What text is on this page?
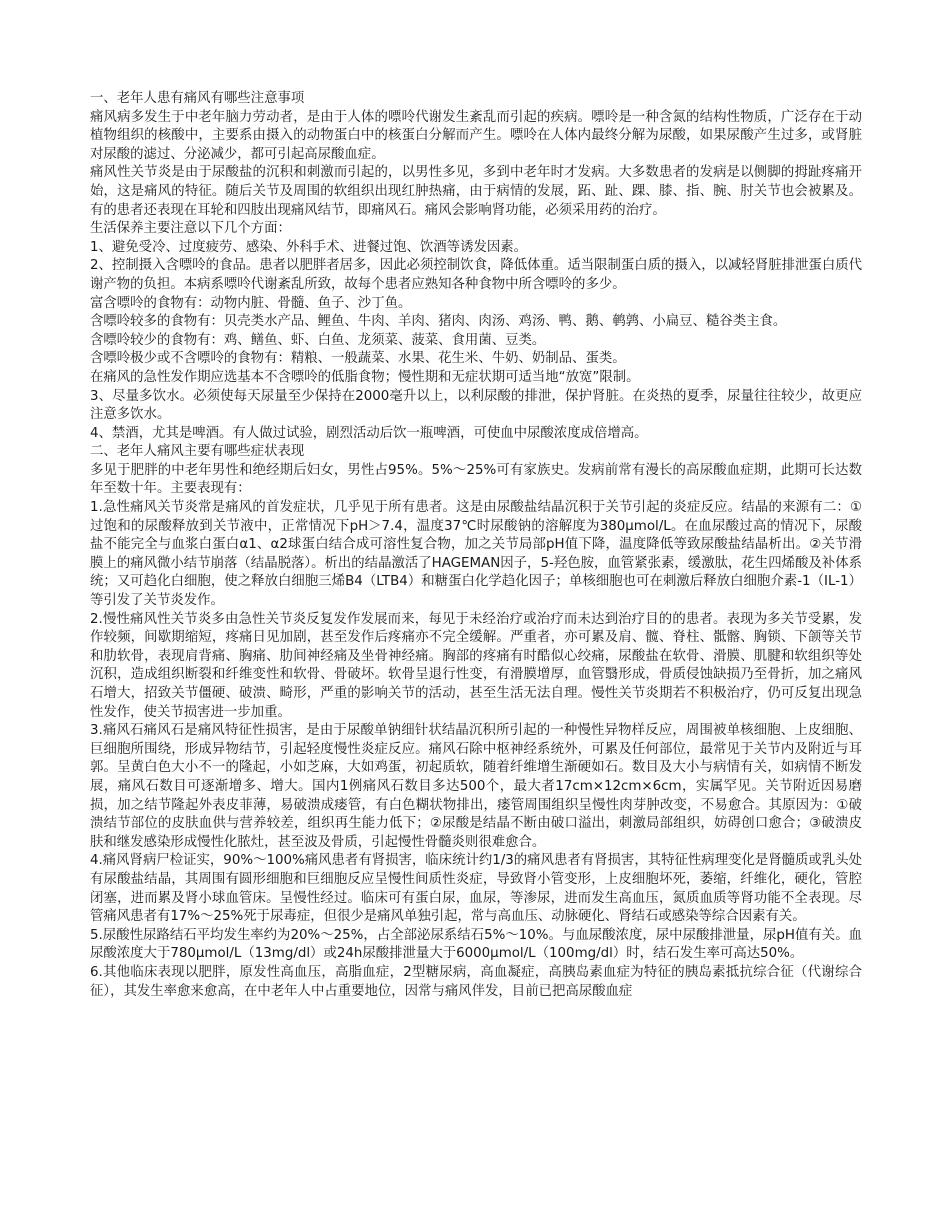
一、老年人患有痛风有哪些注意事项

痛风病多发生于中老年脑力劳动者，是由于人体的嘌呤代谢发生紊乱而引起的疾病。嘌呤是一种含氮的结构性物质，广泛存在于动植物组织的核酸中，主要系由摄入的动物蛋白中的核蛋白分解而产生。嘌呤在人体内最终分解为尿酸，如果尿酸产生过多，或肾脏对尿酸的滤过、分泌减少，都可引起高尿酸血症。

痛风性关节炎是由于尿酸盐的沉积和刺激而引起的，以男性多见，多到中老年时才发病。大多数患者的发病是以侧脚的拇趾疼痛开始，这是痛风的特征。随后关节及周围的软组织出现红肿热痛，由于病情的发展，跖、趾、踝、膝、指、腕、肘关节也会被累及。有的患者还表现在耳轮和四肢出现痛风结节，即痛风石。痛风会影响肾功能，必须采用药的治疗。

生活保养主要注意以下几个方面：

1、避免受冷、过度疲劳、感染、外科手术、进餐过饱、饮酒等诱发因素。

2、控制摄入含嘌呤的食品。患者以肥胖者居多，因此必须控制饮食，降低体重。适当限制蛋白质的摄入，以减轻肾脏排泄蛋白质代谢产物的负担。本病系嘌呤代谢紊乱所致，故每个患者应熟知各种食物中所含嘌呤的多少。

富含嘌呤的食物有：动物内脏、骨髓、鱼子、沙丁鱼。

含嘌呤较多的食物有：贝壳类水产品、鲤鱼、牛肉、羊肉、猪肉、肉汤、鸡汤、鸭、鹅、鹌鹑、小扁豆、糙谷类主食。

含嘌呤较少的食物有：鸡、鳝鱼、虾、白鱼、龙须菜、菠菜、食用菌、豆类。

含嘌呤极少或不含嘌呤的食物有：精粮、一般蔬菜、水果、花生米、牛奶、奶制品、蛋类。

在痛风的急性发作期应选基本不含嘌呤的低脂食物；慢性期和无症状期可适当地“放宽”限制。

3、尽量多饮水。必须使每天尿量至少保持在2000毫升以上，以利尿酸的排泄，保护肾脏。在炎热的夏季，尿量往往较少，故更应注意多饮水。

4、禁酒，尤其是啤酒。有人做过试验，剧烈活动后饮一瓶啤酒，可使血中尿酸浓度成倍增高。

二、老年人痛风主要有哪些症状表现

多见于肥胖的中老年男性和绝经期后妇女，男性占95%。5%～25%可有家族史。发病前常有漫长的高尿酸血症期，此期可长达数年至数十年。主要表现有：

1.急性痛风关节炎常是痛风的首发症状，几乎见于所有患者。这是由尿酸盐结晶沉积于关节引起的炎症反应。结晶的来源有二：①过饱和的尿酸释放到关节液中，正常情况下pH＞7.4，温度37℃时尿酸钠的溶解度为380μmol/L。在血尿酸过高的情况下，尿酸盐不能完全与血浆白蛋白α1、α2球蛋白结合成可溶性复合物，加之关节局部pH值下降，温度降低等致尿酸盐结晶析出。②关节滑膜上的痛风微小结节崩落（结晶脱落）。析出的结晶激活了HAGEMAN因子，5-羟色胺，血管紧张素，缓激肽，花生四烯酸及补体系统；又可趋化白细胞，使之释放白细胞三烯B4（LTB4）和糖蛋白化学趋化因子；单核细胞也可在刺激后释放白细胞介素-1（IL-1）等引发了关节炎发作。

2.慢性痛风性关节炎多由急性关节炎反复发作发展而来，每见于未经治疗或治疗而未达到治疗目的的患者。表现为多关节受累，发作较频，间歇期缩短，疼痛日见加剧，甚至发作后疼痛亦不完全缓解。严重者，亦可累及肩、髋、脊柱、骶髂、胸锁、下颌等关节和肋软骨，表现肩背痛、胸痛、肋间神经痛及坐骨神经痛。胸部的疼痛有时酷似心绞痛，尿酸盐在软骨、滑膜、肌腱和软组织等处沉积，造成组织断裂和纤维变性和软骨、骨破坏。软骨呈退行性变，有滑膜增厚，血管翳形成，骨质侵蚀缺损乃至骨折，加之痛风石增大，招致关节僵硬、破溃、畸形，严重的影响关节的活动，甚至生活无法自理。慢性关节炎期若不积极治疗，仍可反复出现急性发作，使关节损害进一步加重。

3.痛风石痛风石是痛风特征性损害，是由于尿酸单钠细针状结晶沉积所引起的一种慢性异物样反应，周围被单核细胞、上皮细胞、巨细胞所围绕，形成异物结节，引起轻度慢性炎症反应。痛风石除中枢神经系统外，可累及任何部位，最常见于关节内及附近与耳郭。呈黄白色大小不一的隆起，小如芝麻，大如鸡蛋，初起质软，随着纤维增生渐硬如石。数目及大小与病情有关，如病情不断发展，痛风石数目可逐渐增多、增大。国内1例痛风石数目多达500个，最大者17cm×12cm×6cm，实属罕见。关节附近因易磨损，加之结节隆起外表皮菲薄，易破溃成瘘管，有白色糊状物排出，瘘管周围组织呈慢性肉芽肿改变，不易愈合。其原因为：①破溃结节部位的皮肤血供与营养较差，组织再生能力低下；②尿酸是结晶不断由破口溢出，刺激局部组织，妨碍创口愈合；③破溃皮肤和继发感染形成慢性化脓灶，甚至波及骨质，引起慢性骨髓炎则很难愈合。

4.痛风肾病尸检证实，90%～100%痛风患者有肾损害，临床统计约1/3的痛风患者有肾损害，其特征性病理变化是肾髓质或乳头处有尿酸盐结晶，其周围有圆形细胞和巨细胞反应呈慢性间质性炎症，导致肾小管变形，上皮细胞坏死，萎缩，纤维化，硬化，管腔闭塞，进而累及肾小球血管床。呈慢性经过。临床可有蛋白尿，血尿，等渗尿，进而发生高血压，氮质血质等肾功能不全表现。尽管痛风患者有17%～25%死于尿毒症，但很少是痛风单独引起，常与高血压、动脉硬化、肾结石或感染等综合因素有关。

5.尿酸性尿路结石平均发生率约为20%～25%，占全部泌尿系结石5%～10%。与血尿酸浓度，尿中尿酸排泄量，尿pH值有关。血尿酸浓度大于780μmol/L（13mg/dl）或24h尿酸排泄量大于6000μmol/L（100mg/dl）时，结石发生率可高达50%。

6.其他临床表现以肥胖，原发性高血压，高脂血症，2型糖尿病，高血凝症，高胰岛素血症为特征的胰岛素抵抗综合征（代谢综合征），其发生率愈来愈高，在中老年人中占重要地位，因常与痛风伴发，目前已把高尿酸血症
